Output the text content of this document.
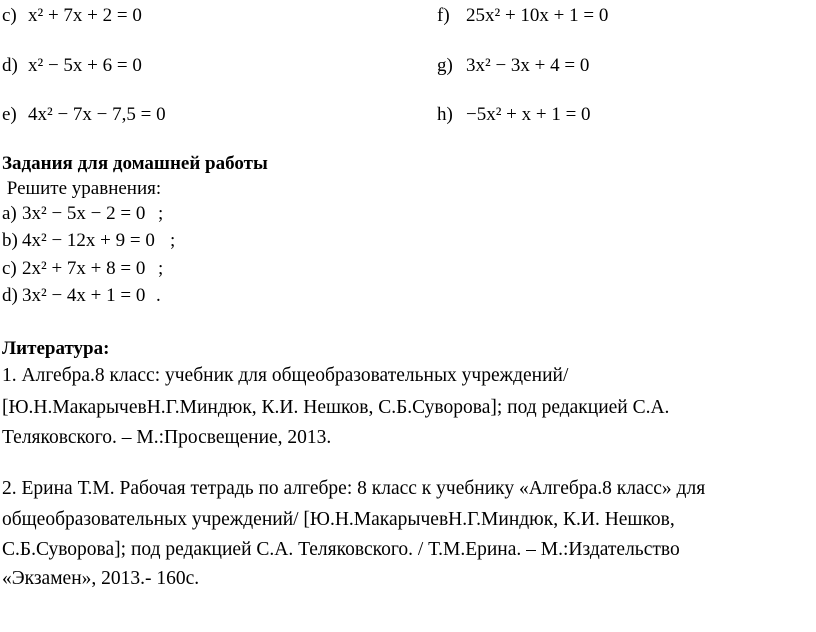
c) x² + 7x + 2 = 0	f) 25x² + 10x + 1 = 0
d) x² − 5x + 6 = 0	g) 3x² − 3x + 4 = 0
e) 4x² − 7x − 7,5 = 0	h) −5x² + x + 1 = 0
Задания для домашней работы
Решите уравнения:
a) 3x² − 5x − 2 = 0 ;
b) 4x² − 12x + 9 = 0 ;
c) 2x² + 7x + 8 = 0 ;
d) 3x² − 4x + 1 = 0 .
Литература:
1. Алгебра.8 класс: учебник для общеобразовательных учреждений/
[Ю.Н.МакарычевН.Г.Миндюк, К.И. Нешков, С.Б.Суворова]; под редакцией С.А.
Теляковского. – М.:Просвещение, 2013.
2. Ерина Т.М. Рабочая тетрадь по алгебре: 8 класс к учебнику «Алгебра.8 класс» для
общеобразовательных учреждений/ [Ю.Н.МакарычевН.Г.Миндюк, К.И. Нешков,
С.Б.Суворова]; под редакцией С.А. Теляковского. / Т.М.Ерина. – М.:Издательство
«Экзамен», 2013.- 160с.
